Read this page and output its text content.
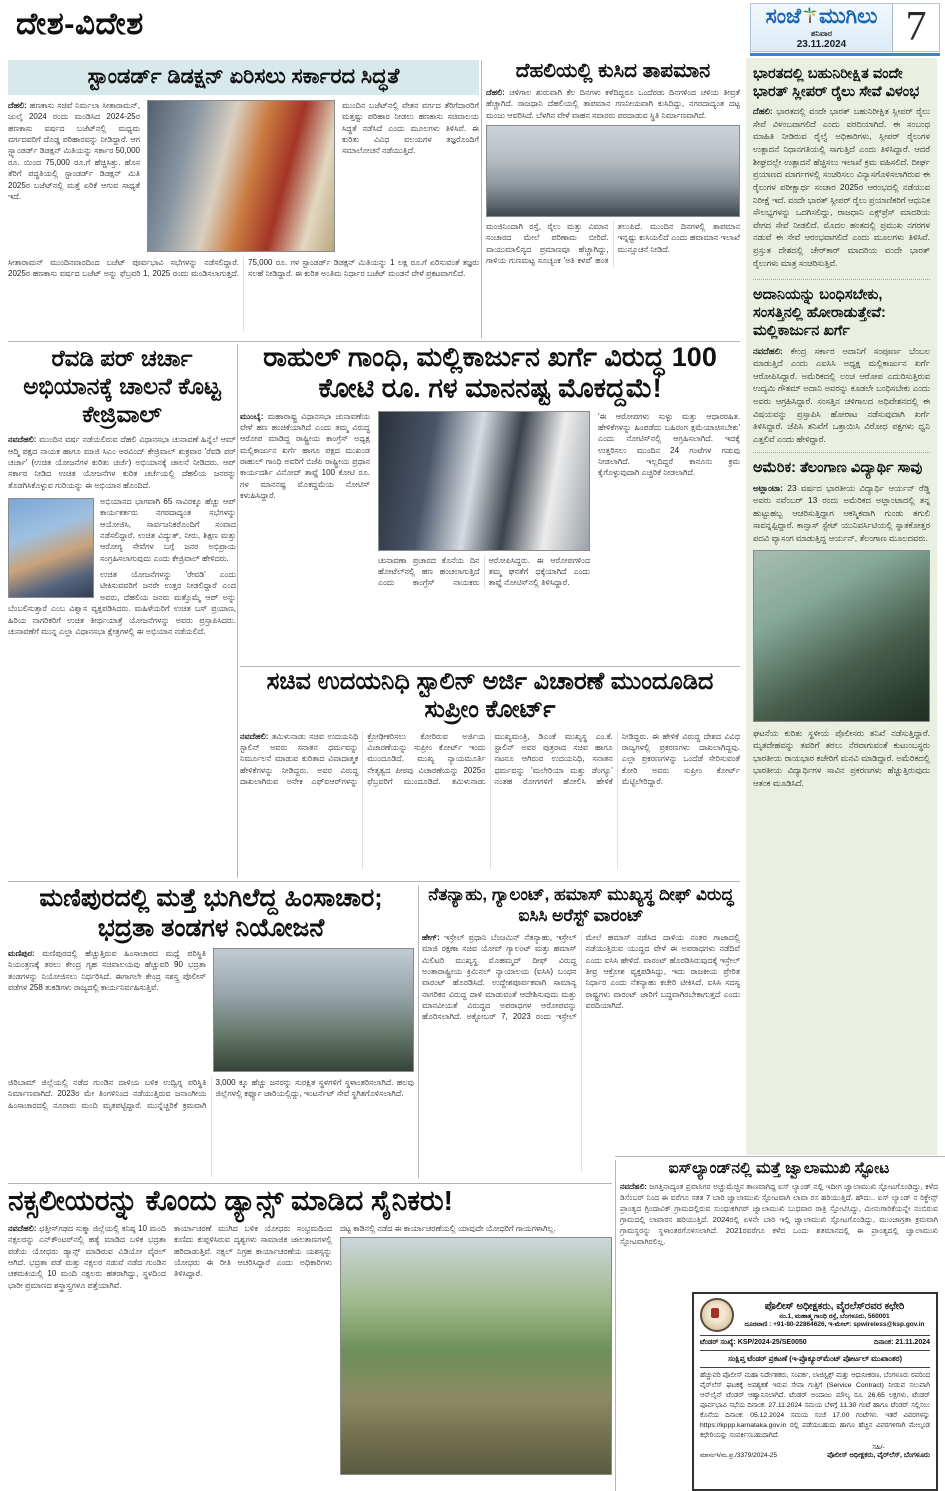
ದೇಶ-ವಿದೇಶ	ಸಂಜೆ ಮುಗಿಲು
ಶನಿವಾರ
23.11.2024	7
ಸ್ಟಾಂಡರ್ಡ್ ಡಿಡಕ್ಷನ್ ಏರಿಸಲು ಸರ್ಕಾರದ ಸಿದ್ಧತೆ

ದೆಹಲಿ: ಹಣಕಾಸು ಸಚಿವೆ ನಿರ್ಮಲಾ ಸೀತಾರಾಮನ್, ಜುಲೈ 2024 ರಂದು ಮಂಡಿಸಿದ 2024-25ರ ಹಣಕಾಸು ವರ್ಷದ ಬಜೆಟ್‌ನಲ್ಲಿ ಮಧ್ಯಮ ವರ್ಗದವರಿಗೆ ದೊಡ್ಡ ಪರಿಹಾರವನ್ನು ನೀಡಿದ್ದಾರೆ. ಆಗ ಸ್ಟ್ಯಾಂಡರ್ಡ್ ಡಿಡಕ್ಷನ್ ಮಿತಿಯನ್ನು ಸರ್ಕಾರ 50,000 ರೂ. ಯಿಂದ 75,000 ರೂ.ಗೆ ಹೆಚ್ಚಿಸಿತ್ತು. ಹೊಸ ತೆರಿಗೆ ಪದ್ಧತಿಯಲ್ಲಿ ಸ್ಟಾಂಡರ್ಡ್ ಡಿಡಕ್ಷನ್ ಮಿತಿ 2025ರ ಬಜೆಟ್‌ನಲ್ಲಿ ಮತ್ತೆ ಏರಿಕೆ ಆಗುವ ಸಾಧ್ಯತೆ ಇದೆ.

ಮುಂದಿನ ಬಜೆಟ್‌ನಲ್ಲಿ ವೇತನ ವರ್ಗದ ತೆರಿಗೆದಾರರಿಗೆ ಮತ್ತಷ್ಟು ಪರಿಹಾರ ನೀಡಲು ಹಣಕಾಸು ಸಚಿವಾಲಯ ಸಿದ್ಧತೆ ನಡೆಸಿದೆ ಎಂದು ಮೂಲಗಳು ತಿಳಿಸಿವೆ. ಈ ಕುರಿತು ವಿವಿಧ ವಲಯಗಳ ತಜ್ಞರೊಂದಿಗೆ ಸಮಾಲೋಚನೆ ನಡೆಯುತ್ತಿದೆ.

ಸೀತಾರಾಮನ್ ಮುಂದಿನವಾರದಿಂದ ಬಜೆಟ್ ಪೂರ್ವಭಾವಿ ಸಭೆಗಳನ್ನು ನಡೆಸಲಿದ್ದಾರೆ. 2025ರ ಹಣಕಾಸು ವರ್ಷದ ಬಜೆಟ್ ಅನ್ನು ಫೆಬ್ರವರಿ 1, 2025 ರಂದು ಮಂಡಿಸಲಾಗುತ್ತದೆ. 75,000 ರೂ. ಗಳ ಸ್ಟಾಂಡರ್ಡ್ ಡಿಡಕ್ಷನ್ ಮಿತಿಯನ್ನು 1 ಲಕ್ಷ ರೂ.ಗೆ ಏರಿಸುವಂತೆ ತಜ್ಞರು ಸಲಹೆ ನೀಡಿದ್ದಾರೆ. ಈ ಕುರಿತ ಅಂತಿಮ ನಿರ್ಧಾರ ಬಜೆಟ್ ಮಂಡನೆ ವೇಳೆ ಪ್ರಕಟವಾಗಲಿದೆ.

ದೆಹಲಿಯಲ್ಲಿ ಕುಸಿದ ತಾಪಮಾನ

ದೆಹಲಿ: ಚಳಿಗಾಲ ಶುರುವಾಗಿ ಕೆಲ ದಿನಗಳು ಕಳೆದಿದ್ದರೂ ಒಂದೆರಡು ದಿನಗಳಿಂದ ಚಳಿಯ ತೀವ್ರತೆ ಹೆಚ್ಚಾಗಿದೆ. ರಾಜಧಾನಿ ದೆಹಲಿಯಲ್ಲಿ ತಾಪಮಾನ ಗಣನೀಯವಾಗಿ ಕುಸಿದಿದ್ದು, ನಗರದಾದ್ಯಂತ ದಟ್ಟ ಮಂಜು ಆವರಿಸಿದೆ. ಬೆಳಗಿನ ವೇಳೆ ವಾಹನ ಸವಾರರು ಪರದಾಡುವ ಸ್ಥಿತಿ ನಿರ್ಮಾಣವಾಗಿದೆ.

ಮಂಜಿನಿಂದಾಗಿ ರಸ್ತೆ, ರೈಲು ಮತ್ತು ವಿಮಾನ ಸಂಚಾರದ ಮೇಲೆ ಪರಿಣಾಮ ಬೀರಿದೆ. ವಾಯುಮಾಲಿನ್ಯದ ಪ್ರಮಾಣವೂ ಹೆಚ್ಚಾಗಿದ್ದು, ಗಾಳಿಯ ಗುಣಮಟ್ಟ ಸೂಚ್ಯಂಕ 'ಅತಿ ಕಳಪೆ' ಹಂತ ತಲುಪಿದೆ. ಮುಂದಿನ ದಿನಗಳಲ್ಲಿ ತಾಪಮಾನ ಇನ್ನಷ್ಟು ಕುಸಿಯಲಿದೆ ಎಂದು ಹವಾಮಾನ ಇಲಾಖೆ ಮುನ್ಸೂಚನೆ ನೀಡಿದೆ.

ಭಾರತದಲ್ಲಿ ಬಹುನಿರೀಕ್ಷಿತ ವಂದೇ ಭಾರತ್ ಸ್ಲೀಪರ್ ರೈಲು ಸೇವೆ ವಿಳಂಭ

ದೆಹಲಿ: ಭಾರತದಲ್ಲಿ ವಂದೇ ಭಾರತ್ ಬಹುನಿರೀಕ್ಷಿತ ಸ್ಲೀಪರ್ ರೈಲು ಸೇವೆ ವಿಳಂಬವಾಗಲಿದೆ ಎಂದು ವರದಿಯಾಗಿದೆ. ಈ ಸಂಬಂಧ ಮಾಹಿತಿ ನೀಡಿರುವ ರೈಲ್ವೆ ಅಧಿಕಾರಿಗಳು, ಸ್ಲೀಪರ್ ರೈಲುಗಳ ಉತ್ಪಾದನೆ ನಿಧಾನಗತಿಯಲ್ಲಿ ಸಾಗುತ್ತಿದೆ ಎಂದು ತಿಳಿಸಿದ್ದಾರೆ. ಆದರೆ ಶೀಘ್ರದಲ್ಲೇ ಉತ್ಪಾದನೆ ಹೆಚ್ಚಿಸಲು ಇಲಾಖೆ ಕ್ರಮ ವಹಿಸಲಿದೆ. ದೀರ್ಘ ಪ್ರಯಾಣದ ಮಾರ್ಗಗಳಲ್ಲಿ ಸಂಚರಿಸಲು ವಿನ್ಯಾಸಗೊಳಿಸಲಾಗಿರುವ ಈ ರೈಲುಗಳ ಪರೀಕ್ಷಾರ್ಥ ಸಂಚಾರ 2025ರ ಆರಂಭದಲ್ಲಿ ನಡೆಯುವ ನಿರೀಕ್ಷೆ ಇದೆ. ವಂದೇ ಭಾರತ್ ಸ್ಲೀಪರ್ ರೈಲು ಪ್ರಯಾಣಿಕರಿಗೆ ಆಧುನಿಕ ಸೌಲಭ್ಯಗಳನ್ನು ಒದಗಿಸಲಿದ್ದು, ರಾಜಧಾನಿ ಎಕ್ಸ್‌ಪ್ರೆಸ್ ಮಾದರಿಯ ವೇಗದ ಸೇವೆ ನೀಡಲಿದೆ. ಮೊದಲ ಹಂತದಲ್ಲಿ ಪ್ರಮುಖ ನಗರಗಳ ನಡುವೆ ಈ ಸೇವೆ ಆರಂಭವಾಗಲಿದೆ ಎಂದು ಮೂಲಗಳು ತಿಳಿಸಿವೆ. ಪ್ರಸ್ತುತ ದೇಶದಲ್ಲಿ ಚೇರ್‌ಕಾರ್ ಮಾದರಿಯ ವಂದೇ ಭಾರತ್ ರೈಲುಗಳು ಮಾತ್ರ ಸಂಚರಿಸುತ್ತಿವೆ.

ಅದಾನಿಯನ್ನು ಬಂಧಿಸಬೇಕು, ಸಂಸತ್ತಿನಲ್ಲಿ ಹೋರಾಡುತ್ತೇವೆ: ಮಲ್ಲಿಕಾರ್ಜುನ ಖರ್ಗೆ

ನವದೆಹಲಿ: ಕೇಂದ್ರ ಸರ್ಕಾರ ಅದಾನಿಗೆ ಸಂಪೂರ್ಣ ಬೆಂಬಲ ಮಾಡುತ್ತಿದೆ ಎಂದು ಎಐಸಿಸಿ ಅಧ್ಯಕ್ಷ ಮಲ್ಲಿಕಾರ್ಜುನ ಖರ್ಗೆ ಆರೋಪಿಸಿದ್ದಾರೆ. ಅಮೆರಿಕದಲ್ಲಿ ಲಂಚ ಆರೋಪ ಎದುರಿಸುತ್ತಿರುವ ಉದ್ಯಮಿ ಗೌತಮ್ ಅದಾನಿ ಅವರನ್ನು ಕೂಡಲೇ ಬಂಧಿಸಬೇಕು ಎಂದು ಅವರು ಆಗ್ರಹಿಸಿದ್ದಾರೆ. ಸಂಸತ್ತಿನ ಚಳಿಗಾಲದ ಅಧಿವೇಶನದಲ್ಲಿ ಈ ವಿಷಯವನ್ನು ಪ್ರಸ್ತಾಪಿಸಿ ಹೋರಾಟ ನಡೆಸುವುದಾಗಿ ಖರ್ಗೆ ತಿಳಿಸಿದ್ದಾರೆ. ಜೆಪಿಸಿ ತನಿಖೆಗೆ ಒತ್ತಾಯಿಸಿ ವಿರೋಧ ಪಕ್ಷಗಳು ಧ್ವನಿ ಎತ್ತಲಿವೆ ಎಂದು ಹೇಳಿದ್ದಾರೆ.

ಅಮೆರಿಕ: ತೆಲಂಗಾಣ ವಿದ್ಯಾರ್ಥಿ ಸಾವು

ಅಟ್ಲಾಂಟಾ: 23 ವರ್ಷದ ಭಾರತೀಯ ವಿದ್ಯಾರ್ಥಿ ಆರ್ಯನ್ ರೆಡ್ಡಿ ಅವರು ನವೆಂಬರ್ 13 ರಂದು ಅಮೆರಿಕದ ಅಟ್ಲಾಂಟಾದಲ್ಲಿ ತನ್ನ ಹುಟ್ಟುಹಬ್ಬ ಆಚರಿಸುತ್ತಿದ್ದಾಗ ಆಕಸ್ಮಿಕವಾಗಿ ಗುಂಡು ತಗುಲಿ ಸಾವನ್ನಪ್ಪಿದ್ದಾರೆ. ಕಾನ್ಸಾಸ್ ಸ್ಟೇಟ್ ಯುನಿವರ್ಸಿಟಿಯಲ್ಲಿ ಸ್ನಾತಕೋತ್ತರ ಪದವಿ ವ್ಯಾಸಂಗ ಮಾಡುತ್ತಿದ್ದ ಆರ್ಯನ್, ತೆಲಂಗಾಣ ಮೂಲದವರು.

ಘಟನೆಯ ಕುರಿತು ಸ್ಥಳೀಯ ಪೊಲೀಸರು ತನಿಖೆ ನಡೆಸುತ್ತಿದ್ದಾರೆ. ಮೃತದೇಹವನ್ನು ತವರಿಗೆ ತರಲು ನೆರವಾಗುವಂತೆ ಕುಟುಂಬಸ್ಥರು ಭಾರತೀಯ ರಾಯಭಾರ ಕಚೇರಿಗೆ ಮನವಿ ಮಾಡಿದ್ದಾರೆ. ಅಮೆರಿಕದಲ್ಲಿ ಭಾರತೀಯ ವಿದ್ಯಾರ್ಥಿಗಳ ಸಾವಿನ ಪ್ರಕರಣಗಳು ಹೆಚ್ಚುತ್ತಿರುವುದು ಆತಂಕ ಮೂಡಿಸಿದೆ.

ರೆವಡಿ ಪರ್ ಚರ್ಚಾ ಅಭಿಯಾನಕ್ಕೆ ಚಾಲನೆ ಕೊಟ್ಟ ಕೇಜ್ರಿವಾಲ್

ನವದೆಹಲಿ: ಮುಂದಿನ ವರ್ಷ ನಡೆಯಲಿರುವ ದೆಹಲಿ ವಿಧಾನಸಭಾ ಚುನಾವಣೆ ಹಿನ್ನೆಲೆ ಆಮ್ ಆದ್ಮಿ ಪಕ್ಷದ ನಾಯಕ ಹಾಗೂ ಮಾಜಿ ಸಿಎಂ ಅರವಿಂದ್ ಕೇಜ್ರಿವಾಲ್ ಶುಕ್ರವಾರ 'ರೆವಡಿ ಪರ್ ಚರ್ಚಾ' (ಉಚಿತ ಯೋಜನೆಗಳ ಕುರಿತು ಚರ್ಚೆ) ಅಭಿಯಾನಕ್ಕೆ ಚಾಲನೆ ನೀಡಿದರು. ಆಪ್ ಸರ್ಕಾರ ನೀಡಿದ ಉಚಿತ ಯೋಜನೆಗಳ ಕುರಿತ ಚರ್ಚೆಯಲ್ಲಿ ದೆಹಲಿಯ ಜನರನ್ನು ತೊಡಗಿಸಿಕೊಳ್ಳುವ ಗುರಿಯನ್ನು ಈ ಅಭಿಯಾನ ಹೊಂದಿದೆ.

ಅಭಿಯಾನದ ಭಾಗವಾಗಿ 65 ಸಾವಿರಕ್ಕೂ ಹೆಚ್ಚು ಆಪ್ ಕಾರ್ಯಕರ್ತರು ನಗರದಾದ್ಯಂತ ಸಭೆಗಳನ್ನು ಆಯೋಜಿಸಿ, ಸಾರ್ವಜನಿಕರೊಂದಿಗೆ ಸಂವಾದ ನಡೆಸಲಿದ್ದಾರೆ. ಉಚಿತ ವಿದ್ಯುತ್, ನೀರು, ಶಿಕ್ಷಣ ಮತ್ತು ಆರೋಗ್ಯ ಸೇವೆಗಳ ಬಗ್ಗೆ ಜನರ ಅಭಿಪ್ರಾಯ ಸಂಗ್ರಹಿಸಲಾಗುವುದು ಎಂದು ಕೇಜ್ರಿವಾಲ್ ಹೇಳಿದರು.

ಉಚಿತ ಯೋಜನೆಗಳನ್ನು 'ರೇವಡಿ' ಎಂದು ಟೀಕಿಸುವವರಿಗೆ ಜನರೇ ಉತ್ತರ ನೀಡಲಿದ್ದಾರೆ ಎಂದ ಅವರು, ದೆಹಲಿಯ ಜನರು ಮತ್ತೊಮ್ಮೆ ಆಪ್ ಅನ್ನು ಬೆಂಬಲಿಸುತ್ತಾರೆ ಎಂಬ ವಿಶ್ವಾಸ ವ್ಯಕ್ತಪಡಿಸಿದರು. ಮಹಿಳೆಯರಿಗೆ ಉಚಿತ ಬಸ್ ಪ್ರಯಾಣ, ಹಿರಿಯ ನಾಗರಿಕರಿಗೆ ಉಚಿತ ತೀರ್ಥಯಾತ್ರೆ ಯೋಜನೆಗಳನ್ನು ಅವರು ಪ್ರಸ್ತಾಪಿಸಿದರು. ಚುನಾವಣೆಗೆ ಮುನ್ನ ಎಲ್ಲಾ ವಿಧಾನಸಭಾ ಕ್ಷೇತ್ರಗಳಲ್ಲಿ ಈ ಅಭಿಯಾನ ನಡೆಯಲಿದೆ.

ರಾಹುಲ್ ಗಾಂಧಿ, ಮಲ್ಲಿಕಾರ್ಜುನ ಖರ್ಗೆ ವಿರುದ್ಧ 100 ಕೋಟಿ ರೂ. ಗಳ ಮಾನನಷ್ಟ ಮೊಕದ್ದಮೆ!

ಮುಂಬೈ: ಮಹಾರಾಷ್ಟ್ರ ವಿಧಾನಸಭಾ ಚುನಾವಣೆಯ ವೇಳೆ ಹಣ ಹಂಚಿಕೆಯಾಗಿದೆ ಎಂದು ತಮ್ಮ ವಿರುದ್ಧ ಆರೋಪ ಮಾಡಿದ್ದ ರಾಷ್ಟ್ರೀಯ ಕಾಂಗ್ರೆಸ್ ಅಧ್ಯಕ್ಷ ಮಲ್ಲಿಕಾರ್ಜುನ ಖರ್ಗೆ ಹಾಗೂ ಪಕ್ಷದ ಮುಖಂಡ ರಾಹುಲ್ ಗಾಂಧಿ ಅವರಿಗೆ ಬಿಜೆಪಿ ರಾಷ್ಟ್ರೀಯ ಪ್ರಧಾನ ಕಾರ್ಯದರ್ಶಿ ವಿನೋದ್ ತಾವ್ಡೆ 100 ಕೋಟಿ ರೂ. ಗಳ ಮಾನನಷ್ಟ ಮೊಕದ್ದಮೆಯ ನೋಟಿಸ್ ಕಳುಹಿಸಿದ್ದಾರೆ.

ಚುನಾವಣಾ ಪ್ರಚಾರದ ಕೊನೆಯ ದಿನ ಹೋಟೆಲ್‌ನಲ್ಲಿ ಹಣ ಹಂಚಲಾಗುತ್ತಿದೆ ಎಂದು ಕಾಂಗ್ರೆಸ್ ನಾಯಕರು ಆರೋಪಿಸಿದ್ದರು. ಈ ಆರೋಪಗಳಿಂದ ತಮ್ಮ ಘನತೆಗೆ ಧಕ್ಕೆಯಾಗಿದೆ ಎಂದು ತಾವ್ಡೆ ನೋಟಿಸ್‌ನಲ್ಲಿ ತಿಳಿಸಿದ್ದಾರೆ.

'ಈ ಆರೋಪಗಳು ಸುಳ್ಳು ಮತ್ತು ಆಧಾರರಹಿತ. ಹೇಳಿಕೆಗಳನ್ನು ಹಿಂಪಡೆದು ಬಹಿರಂಗ ಕ್ಷಮೆಯಾಚಿಸಬೇಕು' ಎಂದು ನೋಟಿಸ್‌ನಲ್ಲಿ ಆಗ್ರಹಿಸಲಾಗಿದೆ. ಇದಕ್ಕೆ ಉತ್ತರಿಸಲು ಮುಂದಿನ 24 ಗಂಟೆಗಳ ಗಡುವು ನೀಡಲಾಗಿದೆ. ಇಲ್ಲದಿದ್ದರೆ ಕಾನೂನು ಕ್ರಮ ಕೈಗೊಳ್ಳುವುದಾಗಿ ಎಚ್ಚರಿಕೆ ನೀಡಲಾಗಿದೆ.

ಸಚಿವ ಉದಯನಿಧಿ ಸ್ಟಾಲಿನ್ ಅರ್ಜಿ ವಿಚಾರಣೆ ಮುಂದೂಡಿದ ಸುಪ್ರೀಂ ಕೋರ್ಟ್

ನವದೆಹಲಿ: ತಮಿಳುನಾಡು ಸಚಿವ ಉದಯನಿಧಿ ಸ್ಟಾಲಿನ್ ಅವರು ಸನಾತನ ಧರ್ಮವನ್ನು ನಿರ್ಮೂಲನೆ ಮಾಡುವ ಕುರಿತಾದ ವಿವಾದಾತ್ಮಕ ಹೇಳಿಕೆಗಳನ್ನು ನೀಡಿದ್ದರು. ಅವರ ವಿರುದ್ಧ ದಾಖಲಾಗಿರುವ ಅನೇಕ ಎಫ್‌ಐಆರ್‌ಗಳನ್ನು ಕ್ರೋಢೀಕರಿಸಲು ಕೋರಿರುವ ಅರ್ಜಿಯ ವಿಚಾರಣೆಯನ್ನು ಸುಪ್ರೀಂ ಕೋರ್ಟ್ ಇಂದು ಮುಂದೂಡಿದೆ. ಮುಖ್ಯ ನ್ಯಾಯಮೂರ್ತಿ ನೇತೃತ್ವದ ಪೀಠವು ವಿಚಾರಣೆಯನ್ನು 2025ರ ಫೆಬ್ರವರಿಗೆ ಮುಂದೂಡಿದೆ. ತಮಿಳುನಾಡು ಮುಖ್ಯಮಂತ್ರಿ, ಡಿಎಂಕೆ ಮುಖ್ಯಸ್ಥ ಎಂ.ಕೆ. ಸ್ಟಾಲಿನ್ ಅವರ ಪುತ್ರರಾದ ಸಚಿವ ಹಾಗೂ ನಟನೂ ಆಗಿರುವ ಉದಯನಿಧಿ, ಸನಾತನ ಧರ್ಮವನ್ನು 'ಮಲೇರಿಯಾ ಮತ್ತು ಡೆಂಗ್ಯೂ' ನಂತಹ ರೋಗಗಳಿಗೆ ಹೋಲಿಸಿ ಹೇಳಿಕೆ ನೀಡಿದ್ದರು. ಈ ಹೇಳಿಕೆ ವಿರುದ್ಧ ದೇಶದ ವಿವಿಧ ರಾಜ್ಯಗಳಲ್ಲಿ ಪ್ರಕರಣಗಳು ದಾಖಲಾಗಿದ್ದವು. ಎಲ್ಲಾ ಪ್ರಕರಣಗಳನ್ನು ಒಂದೆಡೆ ಸೇರಿಸುವಂತೆ ಕೋರಿ ಅವರು ಸು‍ಪ್ರೀಂ ಕೋರ್ಟ್ ಮೆಟ್ಟಿಲೇರಿದ್ದಾರೆ.

ಮಣಿಪುರದಲ್ಲಿ ಮತ್ತೆ ಭುಗಿಲೆದ್ದ ಹಿಂಸಾಚಾರ; ಭದ್ರತಾ ತಂಡಗಳ ನಿಯೋಜನೆ

ಮಣಿಪುರ: ಮಣಿಪುರದಲ್ಲಿ ಹೆಚ್ಚುತ್ತಿರುವ ಹಿಂಸಾಚಾರದ ಮಧ್ಯೆ ಪರಿಸ್ಥಿತಿ ನಿಯಂತ್ರಣಕ್ಕೆ ತರಲು ಕೇಂದ್ರ ಗೃಹ ಸಚಿವಾಲಯವು ಹೆಚ್ಚುವರಿ 90 ಭದ್ರತಾ ತಂಡಗಳನ್ನು ನಿಯೋಜಿಸಲು ನಿರ್ಧರಿಸಿದೆ. ಈಗಾಗಲೇ ಕೇಂದ್ರ ಸಶಸ್ತ್ರ ಪೊಲೀಸ್ ಪಡೆಗಳ 258 ತುಕಡಿಗಳು ರಾಜ್ಯದಲ್ಲಿ ಕಾರ್ಯನಿರ್ವಹಿಸುತ್ತಿವೆ.

ಜಿರಿಬಾಮ್ ಜಿಲ್ಲೆಯಲ್ಲಿ ನಡೆದ ಗುಂಡಿನ ದಾಳಿಯ ಬಳಿಕ ಉದ್ವಿಗ್ನ ಪರಿಸ್ಥಿತಿ ನಿರ್ಮಾಣವಾಗಿದೆ. 2023ರ ಮೇ ತಿಂಗಳಿನಿಂದ ನಡೆಯುತ್ತಿರುವ ಜನಾಂಗೀಯ ಹಿಂಸಾಚಾರದಲ್ಲಿ ನೂರಾರು ಮಂದಿ ಮೃತಪಟ್ಟಿದ್ದಾರೆ. ಮುನ್ನೆಚ್ಚರಿಕೆ ಕ್ರಮವಾಗಿ 3,000 ಕ್ಕೂ ಹೆಚ್ಚು ಜನರನ್ನು ಸುರಕ್ಷಿತ ಸ್ಥಳಗಳಿಗೆ ಸ್ಥಳಾಂತರಿಸಲಾಗಿದೆ. ಹಲವು ಜಿಲ್ಲೆಗಳಲ್ಲಿ ಕರ್ಫ್ಯೂ ಜಾರಿಯಲ್ಲಿದ್ದು, ಇಂಟರ್ನೆಟ್ ಸೇವೆ ಸ್ಥಗಿತಗೊಳಿಸಲಾಗಿದೆ.

ನೆತನ್ಯಾಹು, ಗ್ಯಾಲಂಟ್, ಹಮಾಸ್ ಮುಖ್ಯಸ್ಥ ದೀಫ್ ವಿರುದ್ಧ ಐಸಿಸಿ ಅರೆಸ್ಟ್ ವಾರಂಟ್

ಹೇಗ್: ಇಸ್ರೇಲ್ ಪ್ರಧಾನಿ ಬೆಂಜಮಿನ್ ನೆತನ್ಯಾಹು, ಇಸ್ರೇಲ್ ಮಾಜಿ ರಕ್ಷಣಾ ಸಚಿವ ಯೋವ್ ಗ್ಯಾಲಂಟ್ ಮತ್ತು ಹಮಾಸ್ ಮಿಲಿಟರಿ ಮುಖ್ಯಸ್ಥ ಮೊಹಮ್ಮದ್ ದೀಫ್ ವಿರುದ್ಧ ಅಂತಾರಾಷ್ಟ್ರೀಯ ಕ್ರಿಮಿನಲ್ ನ್ಯಾಯಾಲಯ (ಐಸಿಸಿ) ಬಂಧನ ವಾರಂಟ್ ಹೊರಡಿಸಿದೆ. ಉದ್ದೇಶಪೂರ್ವಕವಾಗಿ ಸಾಮಾನ್ಯ ನಾಗರಿಕರ ವಿರುದ್ಧ ದಾಳಿ ಮಾಡುವಂತೆ ಆದೇಶಿಸುವುದು ಮತ್ತು ಮಾನವೀಯತೆ ವಿರುದ್ಧದ ಅಪರಾಧಗಳ ಆರೋಪವನ್ನು ಹೊರಿಸಲಾಗಿದೆ. ಅಕ್ಟೋಬರ್ 7, 2023 ರಂದು ಇಸ್ರೇಲ್ ಮೇಲೆ ಹಮಾಸ್ ನಡೆಸಿದ ದಾಳಿಯ ನಂತರ ಗಾಜಾದಲ್ಲಿ ನಡೆಯುತ್ತಿರುವ ಯುದ್ಧದ ವೇಳೆ ಈ ಅಪರಾಧಗಳು ನಡೆದಿವೆ ಎಂದು ಐಸಿಸಿ ಹೇಳಿದೆ. ವಾರಂಟ್ ಹೊರಡಿಸಿರುವುದಕ್ಕೆ ಇಸ್ರೇಲ್ ತೀವ್ರ ಆಕ್ರೋಶ ವ್ಯಕ್ತಪಡಿಸಿದ್ದು, ಇದು ರಾಜಕೀಯ ಪ್ರೇರಿತ ನಿರ್ಧಾರ ಎಂದು ನೆತನ್ಯಾಹು ಕಚೇರಿ ಟೀಕಿಸಿದೆ. ಐಸಿಸಿ ಸದಸ್ಯ ರಾಷ್ಟ್ರಗಳು ವಾರಂಟ್ ಜಾರಿಗೆ ಬದ್ಧವಾಗಿರಬೇಕಾಗುತ್ತದೆ ಎಂದು ವರದಿಯಾಗಿದೆ.

ನಕ್ಸಲೀಯರನ್ನು ಕೊಂದು ಡ್ಯಾನ್ಸ್ ಮಾಡಿದ ಸೈನಿಕರು!

ನವದೆಹಲಿ: ಛತ್ತೀಸ್‌ಗಢದ ಸುಕ್ಮಾ ಜಿಲ್ಲೆಯಲ್ಲಿ ಕನಿಷ್ಠ 10 ಮಂದಿ ನಕ್ಸಲರನ್ನು ಎನ್‌ಕೌಂಟರ್‌ನಲ್ಲಿ ಹತ್ಯೆ ಮಾಡಿದ ಬಳಿಕ ಭದ್ರತಾ ಪಡೆಯ ಯೋಧರು ಡ್ಯಾನ್ಸ್ ಮಾಡಿರುವ ವಿಡಿಯೋ ವೈರಲ್ ಆಗಿದೆ. ಭದ್ರತಾ ಪಡೆ ಮತ್ತು ನಕ್ಸಲರ ನಡುವೆ ನಡೆದ ಗುಂಡಿನ ಚಕಮಕಿಯಲ್ಲಿ 10 ಮಂದಿ ನಕ್ಸಲರು ಹತರಾಗಿದ್ದು, ಸ್ಥಳದಿಂದ ಭಾರೀ ಪ್ರಮಾಣದ ಶಸ್ತ್ರಾಸ್ತ್ರಗಳೂ ಪತ್ತೆಯಾಗಿವೆ.

ಕಾರ್ಯಾಚರಣೆ ಮುಗಿದ ಬಳಿಕ ಯೋಧರು ಸಂಭ್ರಮದಿಂದ ಕುಣಿದು ಕುಪ್ಪಳಿಸಿರುವ ದೃಶ್ಯಗಳು ಸಾಮಾಜಿಕ ಜಾಲತಾಣಗಳಲ್ಲಿ ಹರಿದಾಡುತ್ತಿವೆ. ನಕ್ಸಲ್ ನಿಗ್ರಹ ಕಾರ್ಯಾಚರಣೆಯ ಯಶಸ್ಸನ್ನು ಯೋಧರು ಈ ರೀತಿ ಆಚರಿಸಿದ್ದಾರೆ ಎಂದು ಅಧಿಕಾರಿಗಳು ತಿಳಿಸಿದ್ದಾರೆ.

ದಟ್ಟ ಕಾಡಿನಲ್ಲಿ ನಡೆದ ಈ ಕಾರ್ಯಾಚರಣೆಯಲ್ಲಿ ಯಾವುದೇ ಯೋಧರಿಗೆ ಗಾಯಗಳಾಗಿಲ್ಲ.

ಐಸ್‌ಲ್ಯಾಂಡ್‌ನಲ್ಲಿ ಮತ್ತೆ ಜ್ವಾಲಾಮುಖಿ ಸ್ಫೋಟ

ನವದೆಹಲಿ: ಜಗತ್ತಿನಾದ್ಯಂತ ಪ್ರವಾಸಿಗರ ಅಚ್ಚುಮೆಚ್ಚಿನ ತಾಣವಾಗಿದ್ದ ಐಸ್ ಲ್ಯಾಂಡ್ ನಲ್ಲಿ ಇದೀಗ ಜ್ವಾಲಾಮುಖಿ ಸ್ಫೋಟಗೊಂಡಿದ್ದು, ಕಳೆದ ಡಿಸೆಂಬರ್ ನಿಂದ ಈ ವರೆಗೂ ಸತತ 7 ಬಾರಿ ಜ್ವಾಲಾಮುಖಿ ಸ್ಫೋಟವಾಗಿ ಲಾವಾ ರಸ ಹರಿಯುತ್ತಿದೆ. ಹೌದು.. ಐಸ್ ಲ್ಯಾಂಡ್ ನ ರಿಕ್ಜೇನ್ಸ್ ಪ್ರಾಂತ್ಯದ ಗ್ರಿಂದಾವಿಕ್ ಗ್ರಾಮದಲ್ಲಿರುವ ಸುಂಧುಕಗಿಗರ್ ಜ್ವಾಲಾಮುಖಿ ಬುಧವಾರ ರಾತ್ರಿ ಸ್ಫೋಟಿಸಿದ್ದು, ಮೀನುಗಾರಿಕೆಯನ್ನೇ ನಂಬಿರುವ ಗ್ರಾಮದಲ್ಲಿ ಲಾವಾರಸ ಹರಿಯುತ್ತಿದೆ. 2024ರಲ್ಲಿ ಏಳನೇ ಬಾರಿ ಇಲ್ಲಿ ಜ್ವಾಲಾಮುಖಿ ಸ್ಫೋಟಗೊಂಡಿದ್ದು, ಮುಂಜಾಗ್ರತಾ ಕ್ರಮವಾಗಿ ಗ್ರಾಮಸ್ಥರನ್ನು ಸ್ಥಳಾಂತರಗೊಳಿಸಲಾಗಿದೆ. 2021ರವರೆಗೂ ಕಳೆದ ಒಂದು ಶತಮಾನದಲ್ಲಿ ಈ ಪ್ರಾಂತ್ಯದಲ್ಲಿ ಜ್ವಾಲಾಮುಖಿ ಸ್ಫೋಟವಾಗಿರಲಿಲ್ಲ.

ಪೊಲೀಸ್ ಅಧೀಕ್ಷಕರು, ವೈರಲೆಸ್‌ರವರ ಕಛೇರಿ
ನಂ.1, ಮಹಾತ್ಮ ಗಾಂಧಿ ರಸ್ತೆ, ಬೆಂಗಳೂರು, 560001
ದೂರವಾಣಿ : +91-80-22864626, ಇ-ಮೇಲ್: spwireless@ksp.gov.in
ಟೆಂಡರ್ ಸಂಖ್ಯೆ: KSP/2024-25/SE0050	ದಿನಾಂಕ: 21.11.2024
ಸಂಕ್ಷಿಪ್ತ ಟೆಂಡರ್ ಪ್ರಕಟಣೆ (ಇ-ಪ್ರೊಕ್ಯೂರ್‌ಮೆಂಟ್ ಪೋರ್ಟಲ್ ಮುಖಾಂತರ)

ಹೆಚ್ಚುವರಿ ಪೊಲೀಸ್ ಮಹಾ ನಿರ್ದೇಶಕರು, ಸಂಪರ್ಕ, ಲಾಜಿಸ್ಟಿಕ್ಸ್ ಮತ್ತು ಆಧುನೀಕರಣ, ಬೆಂಗಳೂರು ರವರಿಂದ ವೈರ್‌ಲೆಸ್ ಘಟಕಕ್ಕೆ ಅವಶ್ಯಕತೆ ಇರುವ ಸೇವಾ ಗುತ್ತಿಗೆ (Service Contract) ನೀಡುವ ಸಲುವಾಗಿ ಆನ್‌ಲೈನ್ ಟೆಂಡರ್ ಆಹ್ವಾನಿಸಲಾಗಿದೆ. ಟೆಂಡರ್ ಅಂದಾಜು ಮೌಲ್ಯ ರೂ. 26.65 ಲಕ್ಷಗಳು, ಟೆಂಡರ್ ಪೂರ್ವಭಾವಿ ಸಭೆಯ ದಿನಾಂಕ: 27.11.2024 ಸಮಯ ಬೆಳಿಗ್ಗೆ 11.30 ಗಂಟೆ ಹಾಗೂ ಟೆಂಡರ್ ಸಲ್ಲಿಸಲು ಕೊನೆಯ ದಿನಾಂಕ: 05.12.2024 ಸಮಯ ಸಂಜೆ 17.00 ಗಂಟೆಗಳು. ಇತರೆ ವಿವರಗಳನ್ನು https://kppp.karnataka.gov.in ರಲ್ಲಿ ಪಡೆಯಬಹುದು ಹಾಗೂ ಹೆಚ್ಚಿನ ವಿವರಗಳಿಗಾಗಿ ಮೇಲ್ಕಂಡ ಕಛೇರಿಯನ್ನು ಸಂಪರ್ಕಿಸಬಹುದಾಗಿದೆ.

ಮಾಸಂಇ/ಮ.ಪ್ರ./3379/2024-25
ಸಹಿ/-
ಪೊಲೀಸ್ ಅಧೀಕ್ಷಕರು, ವೈರ್‌ಲೆಸ್, ಬೆಂಗಳೂರು
